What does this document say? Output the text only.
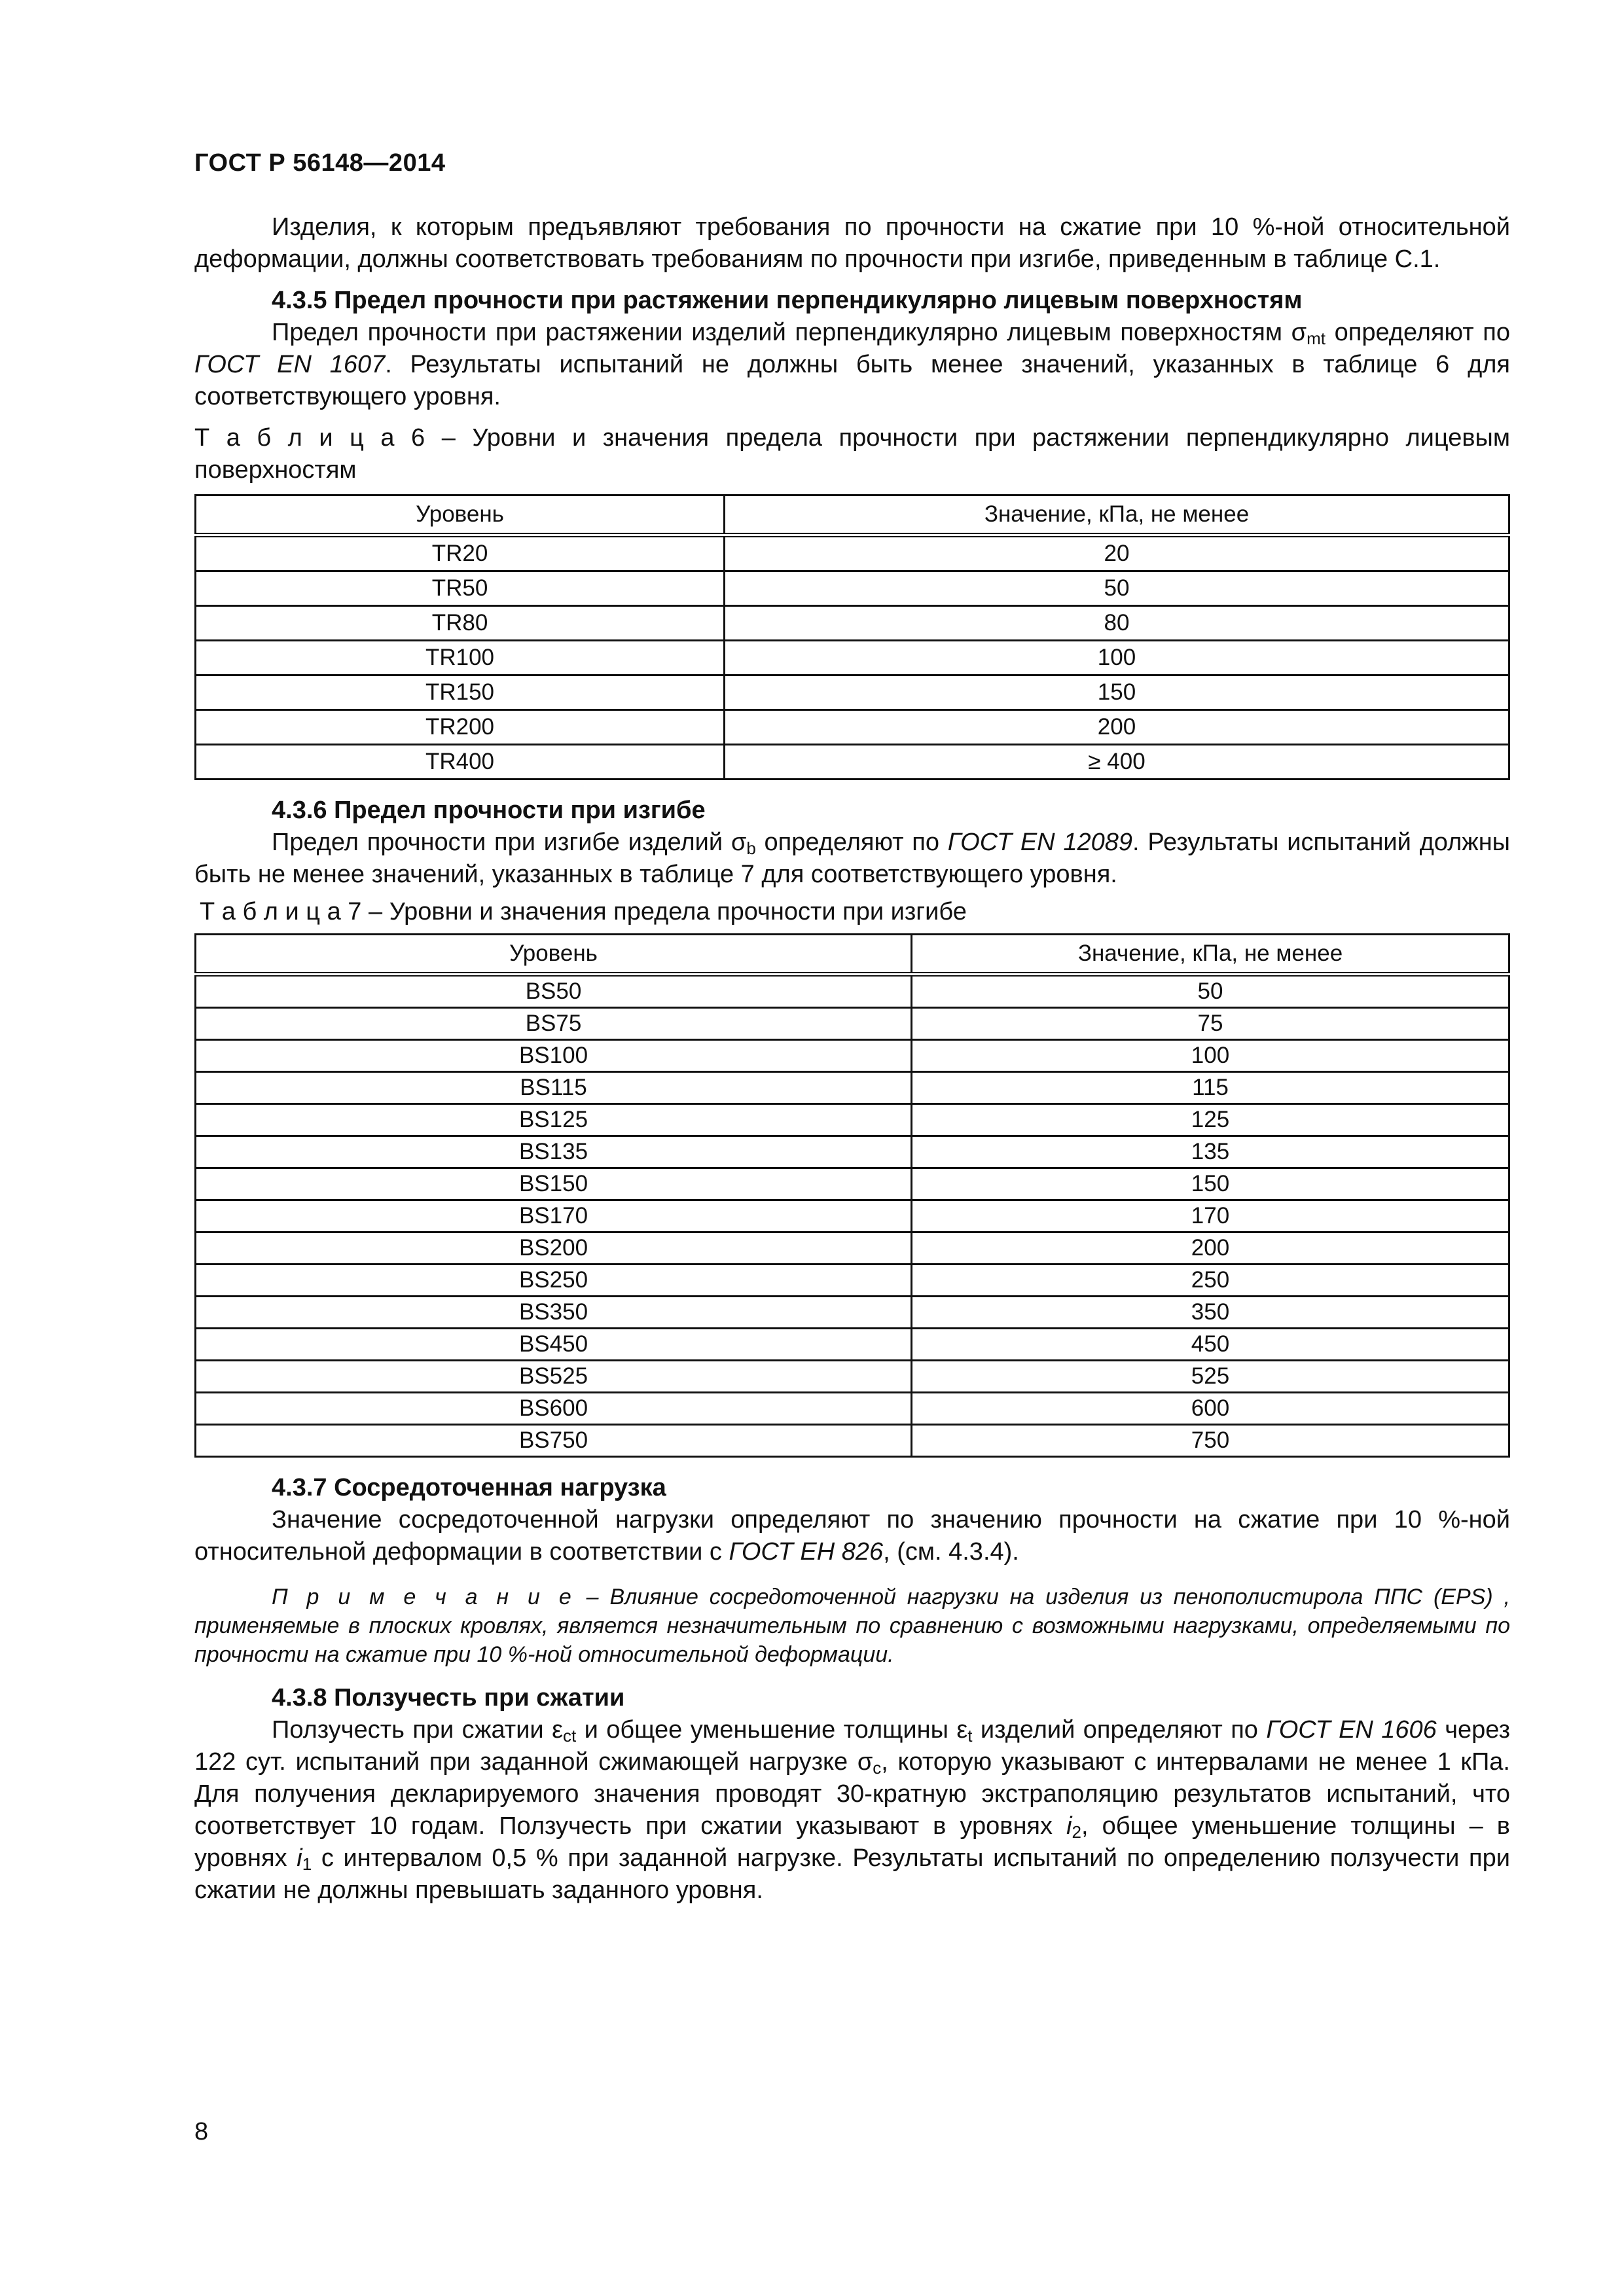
ГОСТ Р 56148—2014

Изделия, к которым предъявляют требования по прочности на сжатие при 10 %-ной относительной деформации, должны соответствовать требованиям по прочности при изгибе, приведенным в таблице С.1.

4.3.5 Предел прочности при растяжении перпендикулярно лицевым поверхностям

Предел прочности при растяжении изделий перпендикулярно лицевым поверхностям $\sigma_{mt}$ определяют по ГОСТ EN 1607. Результаты испытаний не должны быть менее значений, указанных в таблице 6 для соответствующего уровня.

Т а б л и ц а 6 – Уровни и значения предела прочности при растяжении перпендикулярно лицевым поверхностям

Уровень	Значение, кПа, не менее
TR20	20
TR50	50
TR80	80
TR100	100
TR150	150
TR200	200
TR400	≥ 400
4.3.6 Предел прочности при изгибе

Предел прочности при изгибе изделий $\sigma_b$ определяют по ГОСТ EN 12089. Результаты испытаний должны быть не менее значений, указанных в таблице 7 для соответствующего уровня.

Т а б л и ц а 7 – Уровни и значения предела прочности при изгибе

Уровень	Значение, кПа, не менее
BS50	50
BS75	75
BS100	100
BS115	115
BS125	125
BS135	135
BS150	150
BS170	170
BS200	200
BS250	250
BS350	350
BS450	450
BS525	525
BS600	600
BS750	750
4.3.7 Сосредоточенная нагрузка

Значение сосредоточенной нагрузки определяют по значению прочности на сжатие при 10 %-ной относительной деформации в соответствии с ГОСТ ЕН 826, (см. 4.3.4).

П р и м е ч а н и е – Влияние сосредоточенной нагрузки на изделия из пенополистирола ППС (EPS) , применяемые в плоских кровлях, является незначительным по сравнению с возможными нагрузками, определяемыми по прочности на сжатие при 10 %-ной относительной деформации.

4.3.8 Ползучесть при сжатии

Ползучесть при сжатии $\varepsilon_{ct}$ и общее уменьшение толщины $\varepsilon_t$ изделий определяют по ГОСТ EN 1606 через 122 сут. испытаний при заданной сжимающей нагрузке $\sigma_c$, которую указывают с интервалами не менее 1 кПа. Для получения декларируемого значения проводят 30-кратную экстраполяцию результатов испытаний, что соответствует 10 годам. Ползучесть при сжатии указывают в уровнях $i_2$, общее уменьшение толщины – в уровнях $i_1$ с интервалом 0,5 % при заданной нагрузке. Результаты испытаний по определению ползучести при сжатии не должны превышать заданного уровня.

8
